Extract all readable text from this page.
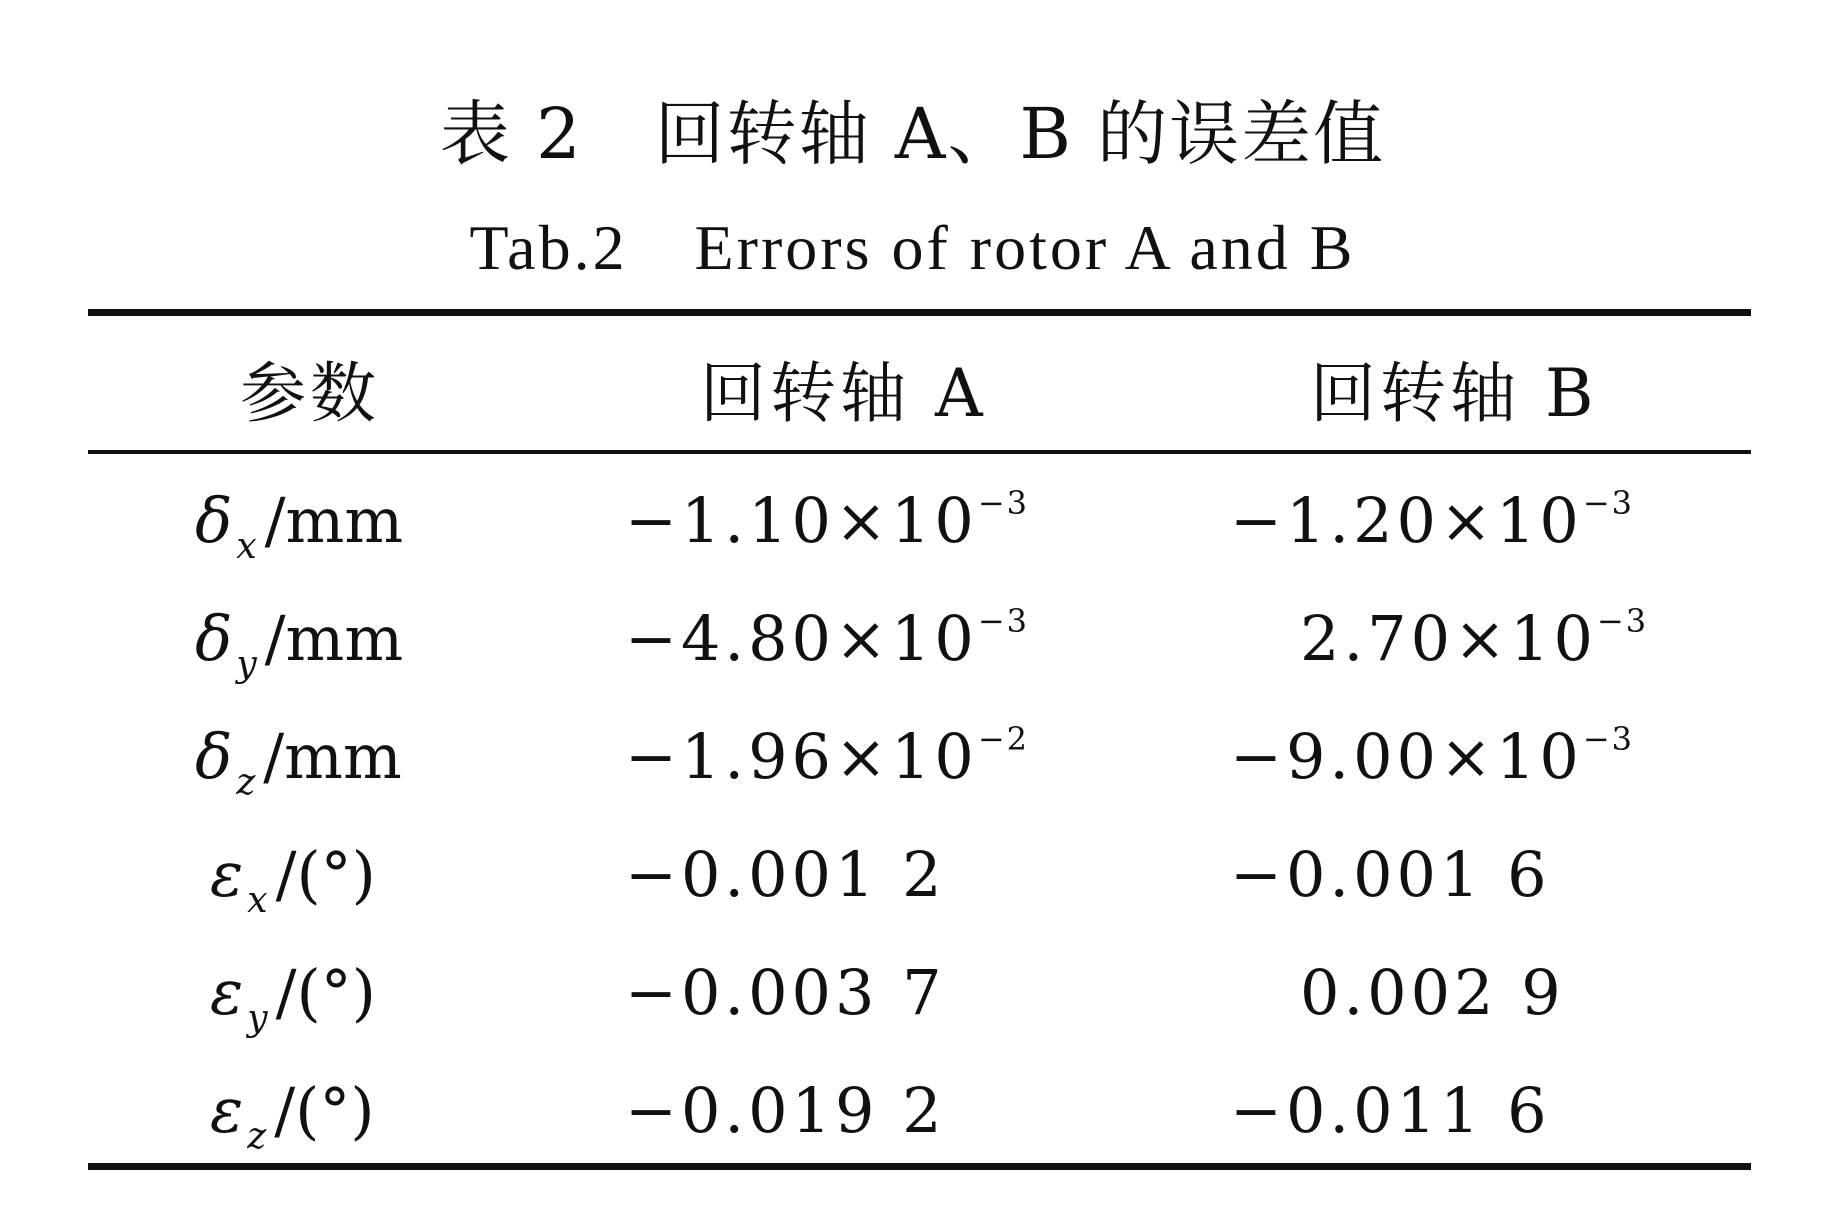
表 2　回转轴 A、B 的误差值
Tab.2　Errors of rotor A and B
参数	回转轴 A	回转轴 B
δ $_x$ /mm	$-1.10\times 10^{-3}$	$-1.20\times 10^{-3}$
δ $_y$ /mm	$-4.80\times 10^{-3}$	$2.70\times 10^{-3}$
δ $_z$ /mm	$-1.96\times 10^{-2}$	$-9.00\times 10^{-3}$
ε $_x$ /(°)	−0.001 2	−0.001 6
ε $_y$ /(°)	−0.003 7	0.002 9
ε $_z$ /(°)	−0.019 2	−0.011 6
